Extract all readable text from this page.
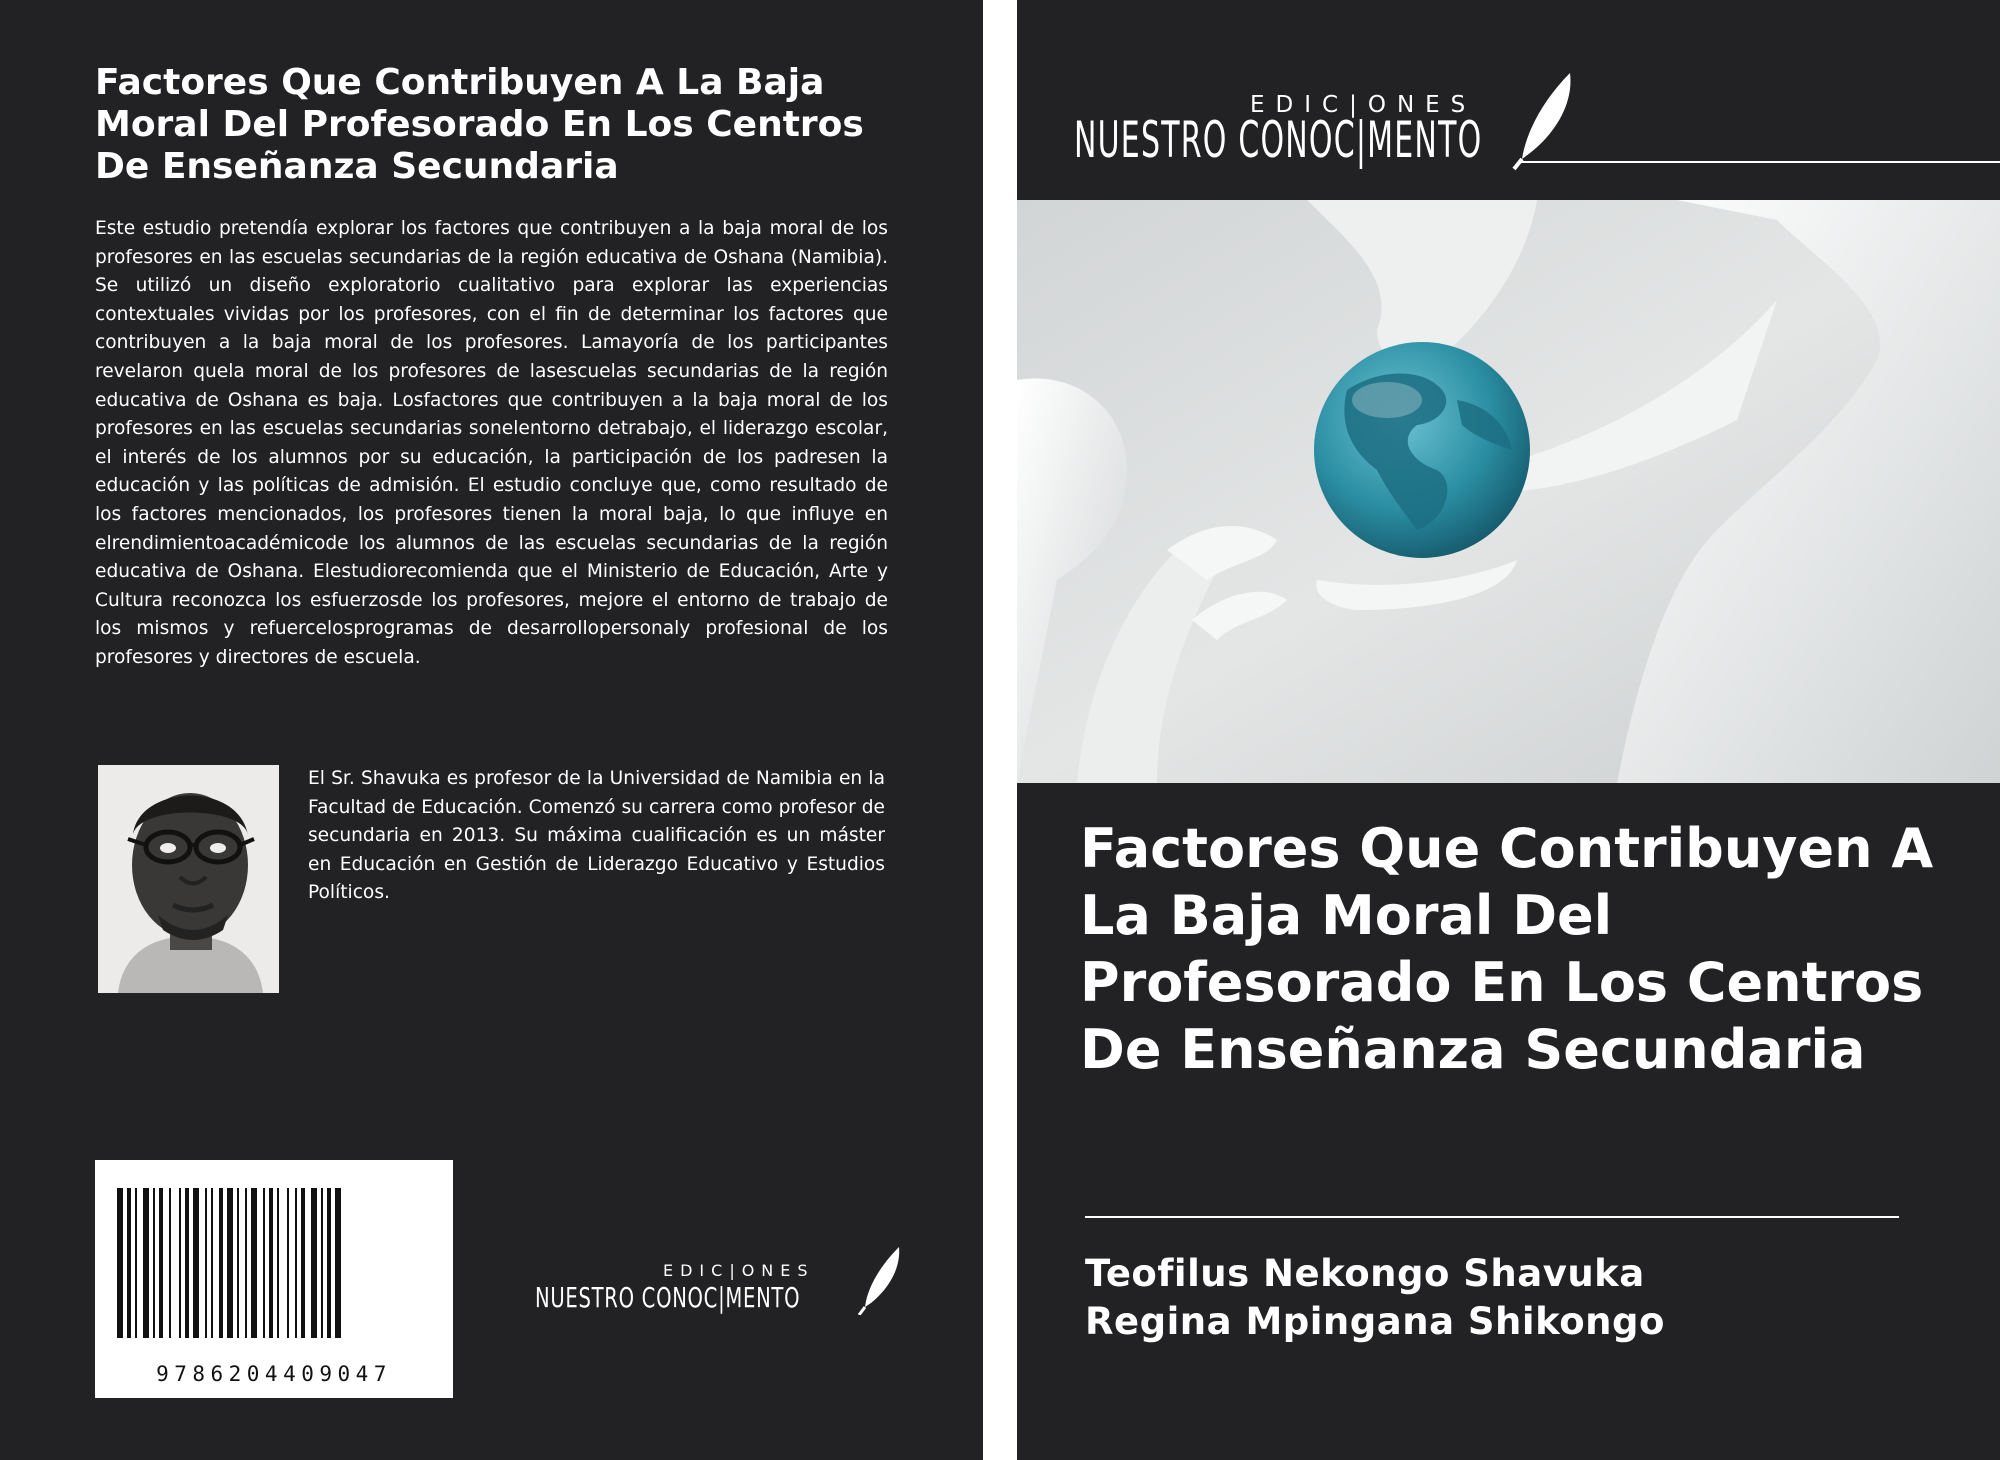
Factores Que Contribuyen A La Baja Moral Del Profesorado En Los Centros De Enseñanza Secundaria

Este estudio pretendía explorar los factores que contribuyen a la baja moral de los profesores en las escuelas secundarias de la región educativa de Oshana (Namibia). Se utilizó un diseño exploratorio cualitativo para explorar las experiencias contextuales vividas por los profesores, con el fin de determinar los factores que contribuyen a la baja moral de los profesores. Lamayoría de los participantes revelaron quela moral de los profesores de lasescuelas secundarias de la región educativa de Oshana es baja. Losfactores que contribuyen a la baja moral de los profesores en las escuelas secundarias sonelentorno detrabajo, el liderazgo escolar, el interés de los alumnos por su educación, la participación de los padresen la educación y las políticas de admisión. El estudio concluye que, como resultado de los factores mencionados, los profesores tienen la moral baja, lo que influye en elrendimientoacadémicode los alumnos de las escuelas secundarias de la región educativa de Oshana. Elestudiorecomienda que el Ministerio de Educación, Arte y Cultura reconozca los esfuerzosde los profesores, mejore el entorno de trabajo de los mismos y refuercelosprogramas de desarrollopersonaly profesional de los profesores y directores de escuela.

El Sr. Shavuka es profesor de la Universidad de Namibia en la Facultad de Educación. Comenzó su carrera como profesor de secundaria en 2013. Su máxima cualificación es un máster en Educación en Gestión de Liderazgo Educativo y Estudios Políticos.

9786204409047
EDIC|ONES
NUESTRO CONOC|MENTO
EDIC|ONES
NUESTRO CONOC|MENTO
Factores Que Contribuyen A La Baja Moral Del Profesorado En Los Centros De Enseñanza Secundaria
Teofilus Nekongo Shavuka
Regina Mpingana Shikongo
